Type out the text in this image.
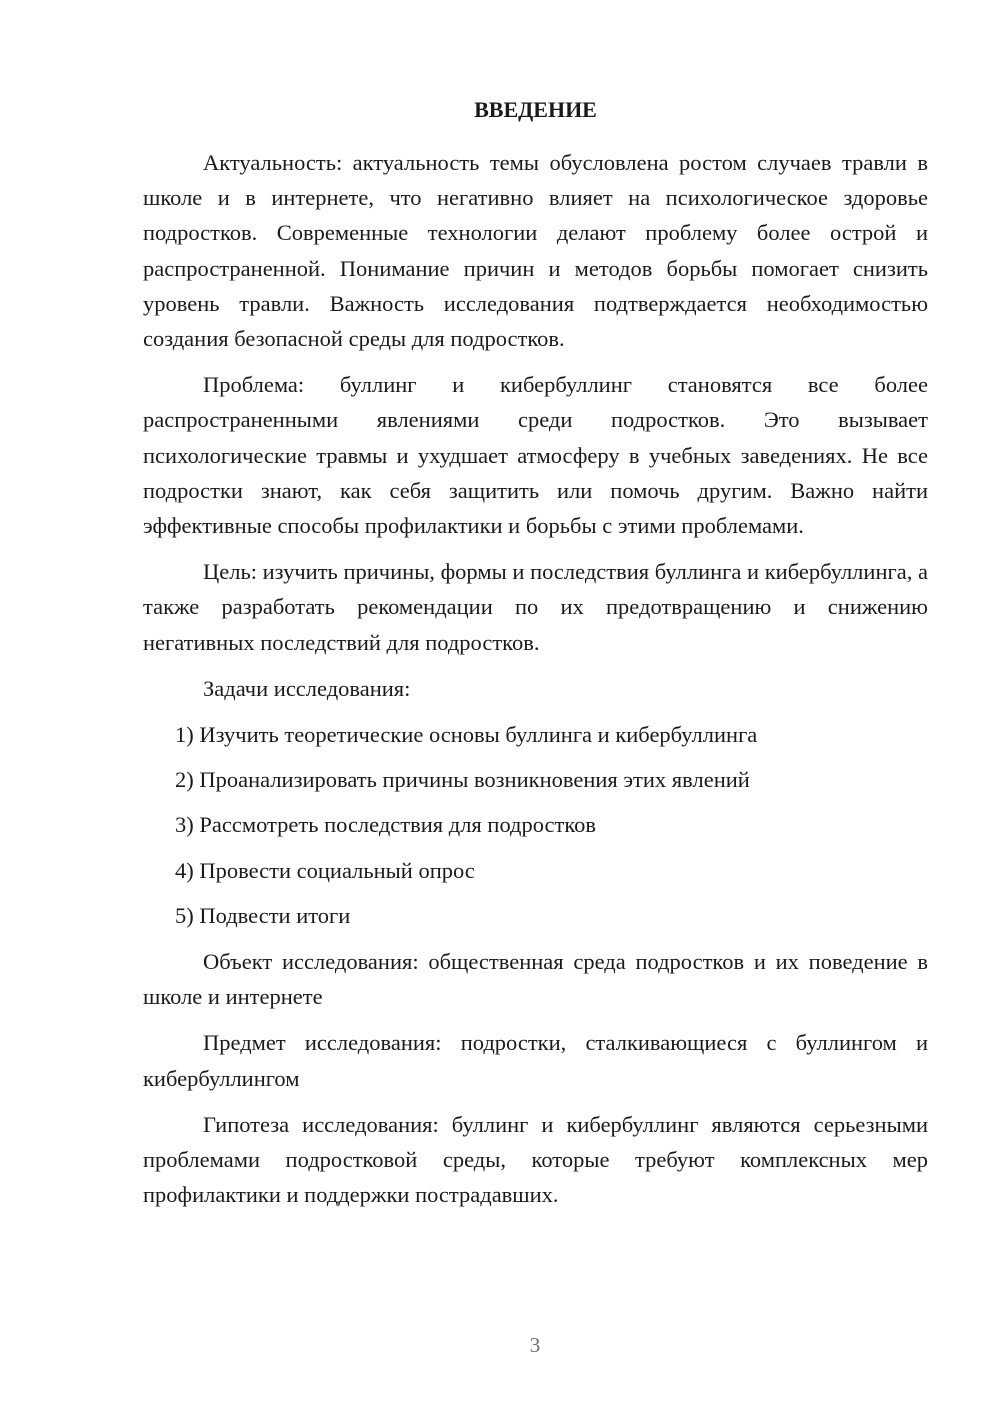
ВВЕДЕНИЕ

Актуальность: актуальность темы обусловлена ростом случаев травли в школе и в интернете, что негативно влияет на психологическое здоровье подростков. Современные технологии делают проблему более острой и распространенной. Понимание причин и методов борьбы помогает снизить уровень травли. Важность исследования подтверждается необходимостью создания безопасной среды для подростков.

Проблема: буллинг и кибербуллинг становятся все более распространенными явлениями среди подростков. Это вызывает психологические травмы и ухудшает атмосферу в учебных заведениях. Не все подростки знают, как себя защитить или помочь другим. Важно найти эффективные способы профилактики и борьбы с этими проблемами.

Цель: изучить причины, формы и последствия буллинга и кибербуллинга, а также разработать рекомендации по их предотвращению и снижению негативных последствий для подростков.

Задачи исследования:

1) Изучить теоретические основы буллинга и кибербуллинга
2) Проанализировать причины возникновения этих явлений
3) Рассмотреть последствия для подростков
4) Провести социальный опрос
5) Подвести итоги

Объект исследования: общественная среда подростков и их поведение в школе и интернете

Предмет исследования: подростки, сталкивающиеся с буллингом и кибербуллингом

Гипотеза исследования: буллинг и кибербуллинг являются серьезными проблемами подростковой среды, которые требуют комплексных мер профилактики и поддержки пострадавших.

3
